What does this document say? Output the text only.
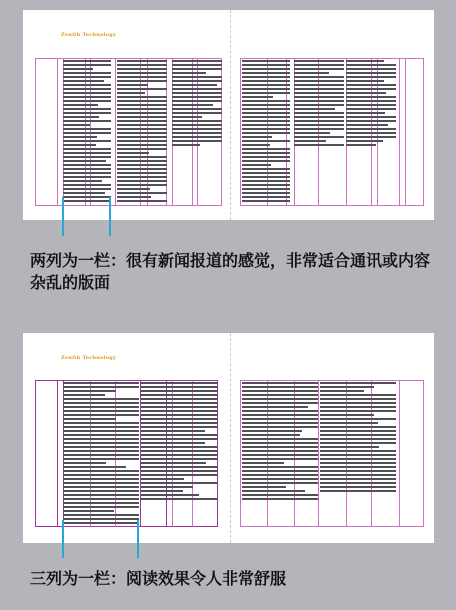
Zenith Technology

两列为一栏：很有新闻报道的感觉，非常适合通讯或内容杂乱的版面

Zenith Technology

三列为一栏：阅读效果令人非常舒服
